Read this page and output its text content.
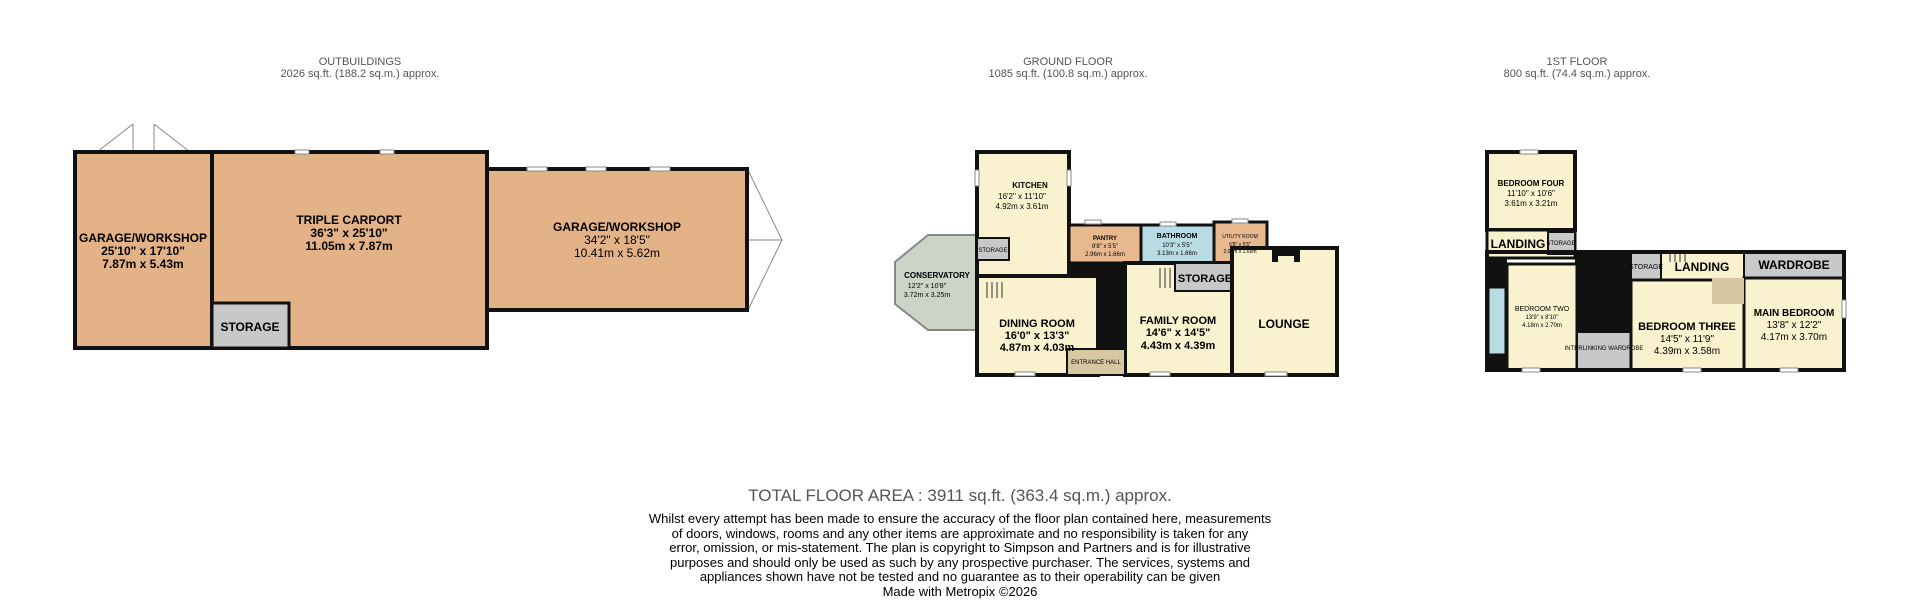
OUTBUILDINGS
2026 sq.ft. (188.2 sq.m.) approx.
GROUND FLOOR
1085 sq.ft. (100.8 sq.m.) approx.
1ST FLOOR
800 sq.ft. (74.4 sq.m.) approx.
GARAGE/WORKSHOP
25'10" x 17'10"
7.87m x 5.43m
TRIPLE CARPORT
36'3" x 25'10"
11.05m x 7.87m
GARAGE/WORKSHOP
34'2" x 18'5"
10.41m x 5.62m
STORAGE
KITCHEN
16'2" x 11'10"
4.92m x 3.61m
STORAGE
CONSERVATORY
12'2" x 10'8"
3.72m x 3.25m
PANTRY
9'8" x 5'5"
2.96m x 1.66m
BATHROOM
10'3" x 5'5"
3.13m x 1.66m
UTILITY ROOM
6'8" x 5'5"
2.04m x 1.66m
STORAGE
DINING ROOM
16'0" x 13'3"
4.87m x 4.03m
ENTRANCE HALL
FAMILY ROOM
14'6" x 14'5"
4.43m x 4.39m
LOUNGE
BEDROOM FOUR
11'10" x 10'6"
3.61m x 3.21m
LANDING STORAGE
BEDROOM TWO
13'9" x 8'10"
4.18m x 2.70m
INTERLINKING WARDROBE
STORAGE LANDING
BEDROOM THREE
14'5" x 11'9"
4.39m x 3.58m
WARDROBE
MAIN BEDROOM
13'8" x 12'2"
4.17m x 3.70m
TOTAL FLOOR AREA : 3911 sq.ft. (363.4 sq.m.) approx.
Whilst every attempt has been made to ensure the accuracy of the floor plan contained here, measurements
of doors, windows, rooms and any other items are approximate and no responsibility is taken for any
error, omission, or mis-statement. The plan is copyright to Simpson and Partners and is for illustrative
purposes and should only be used as such by any prospective purchaser. The services, systems and
appliances shown have not be tested and no guarantee as to their operability can be given
Made with Metropix ©2026
